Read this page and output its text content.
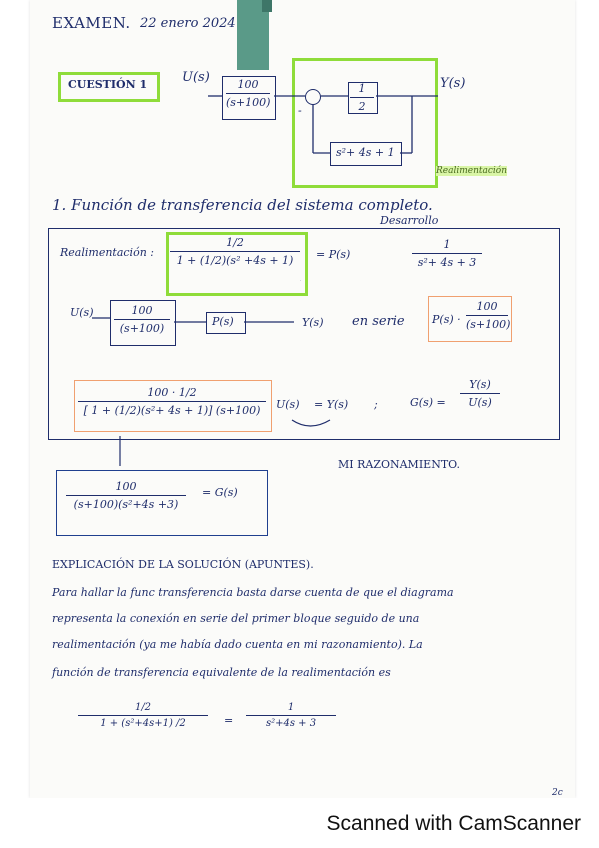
EXAMEN. 22 enero 2024
CUESTIÓN 1	U(s)	100
(s+100)
-
1
2
s²+ 4s + 1
Y(s)
Realimentación
1. Función de transferencia del sistema completo.
Desarrollo
Realimentación :
1/2
1 + (1/2)(s² +4s + 1)	= P(s)
1
s²+ 4s + 3
U(s)	100
(s+100)
P(s)	Y(s) en serie P(s) ·
100
(s+100)
100 · 1/2
[ 1 + (1/2)(s²+ 4s + 1)] (s+100)	U(s) = Y(s) ;	G(s) =
Y(s)
U(s)
100
(s+100)(s²+4s +3)
= G(s)
MI RAZONAMIENTO.
EXPLICACIÓN DE LA SOLUCIÓN (APUNTES).
Para hallar la func transferencia basta darse cuenta de que el diagrama
representa la conexión en serie del primer bloque seguido de una
realimentación (ya me había dado cuenta en mi razonamiento). La
función de transferencia equivalente de la realimentación es
1/2
1 + (s²+4s+1) /2	=
1
s²+4s + 3
2c
Scanned with CamScanner
